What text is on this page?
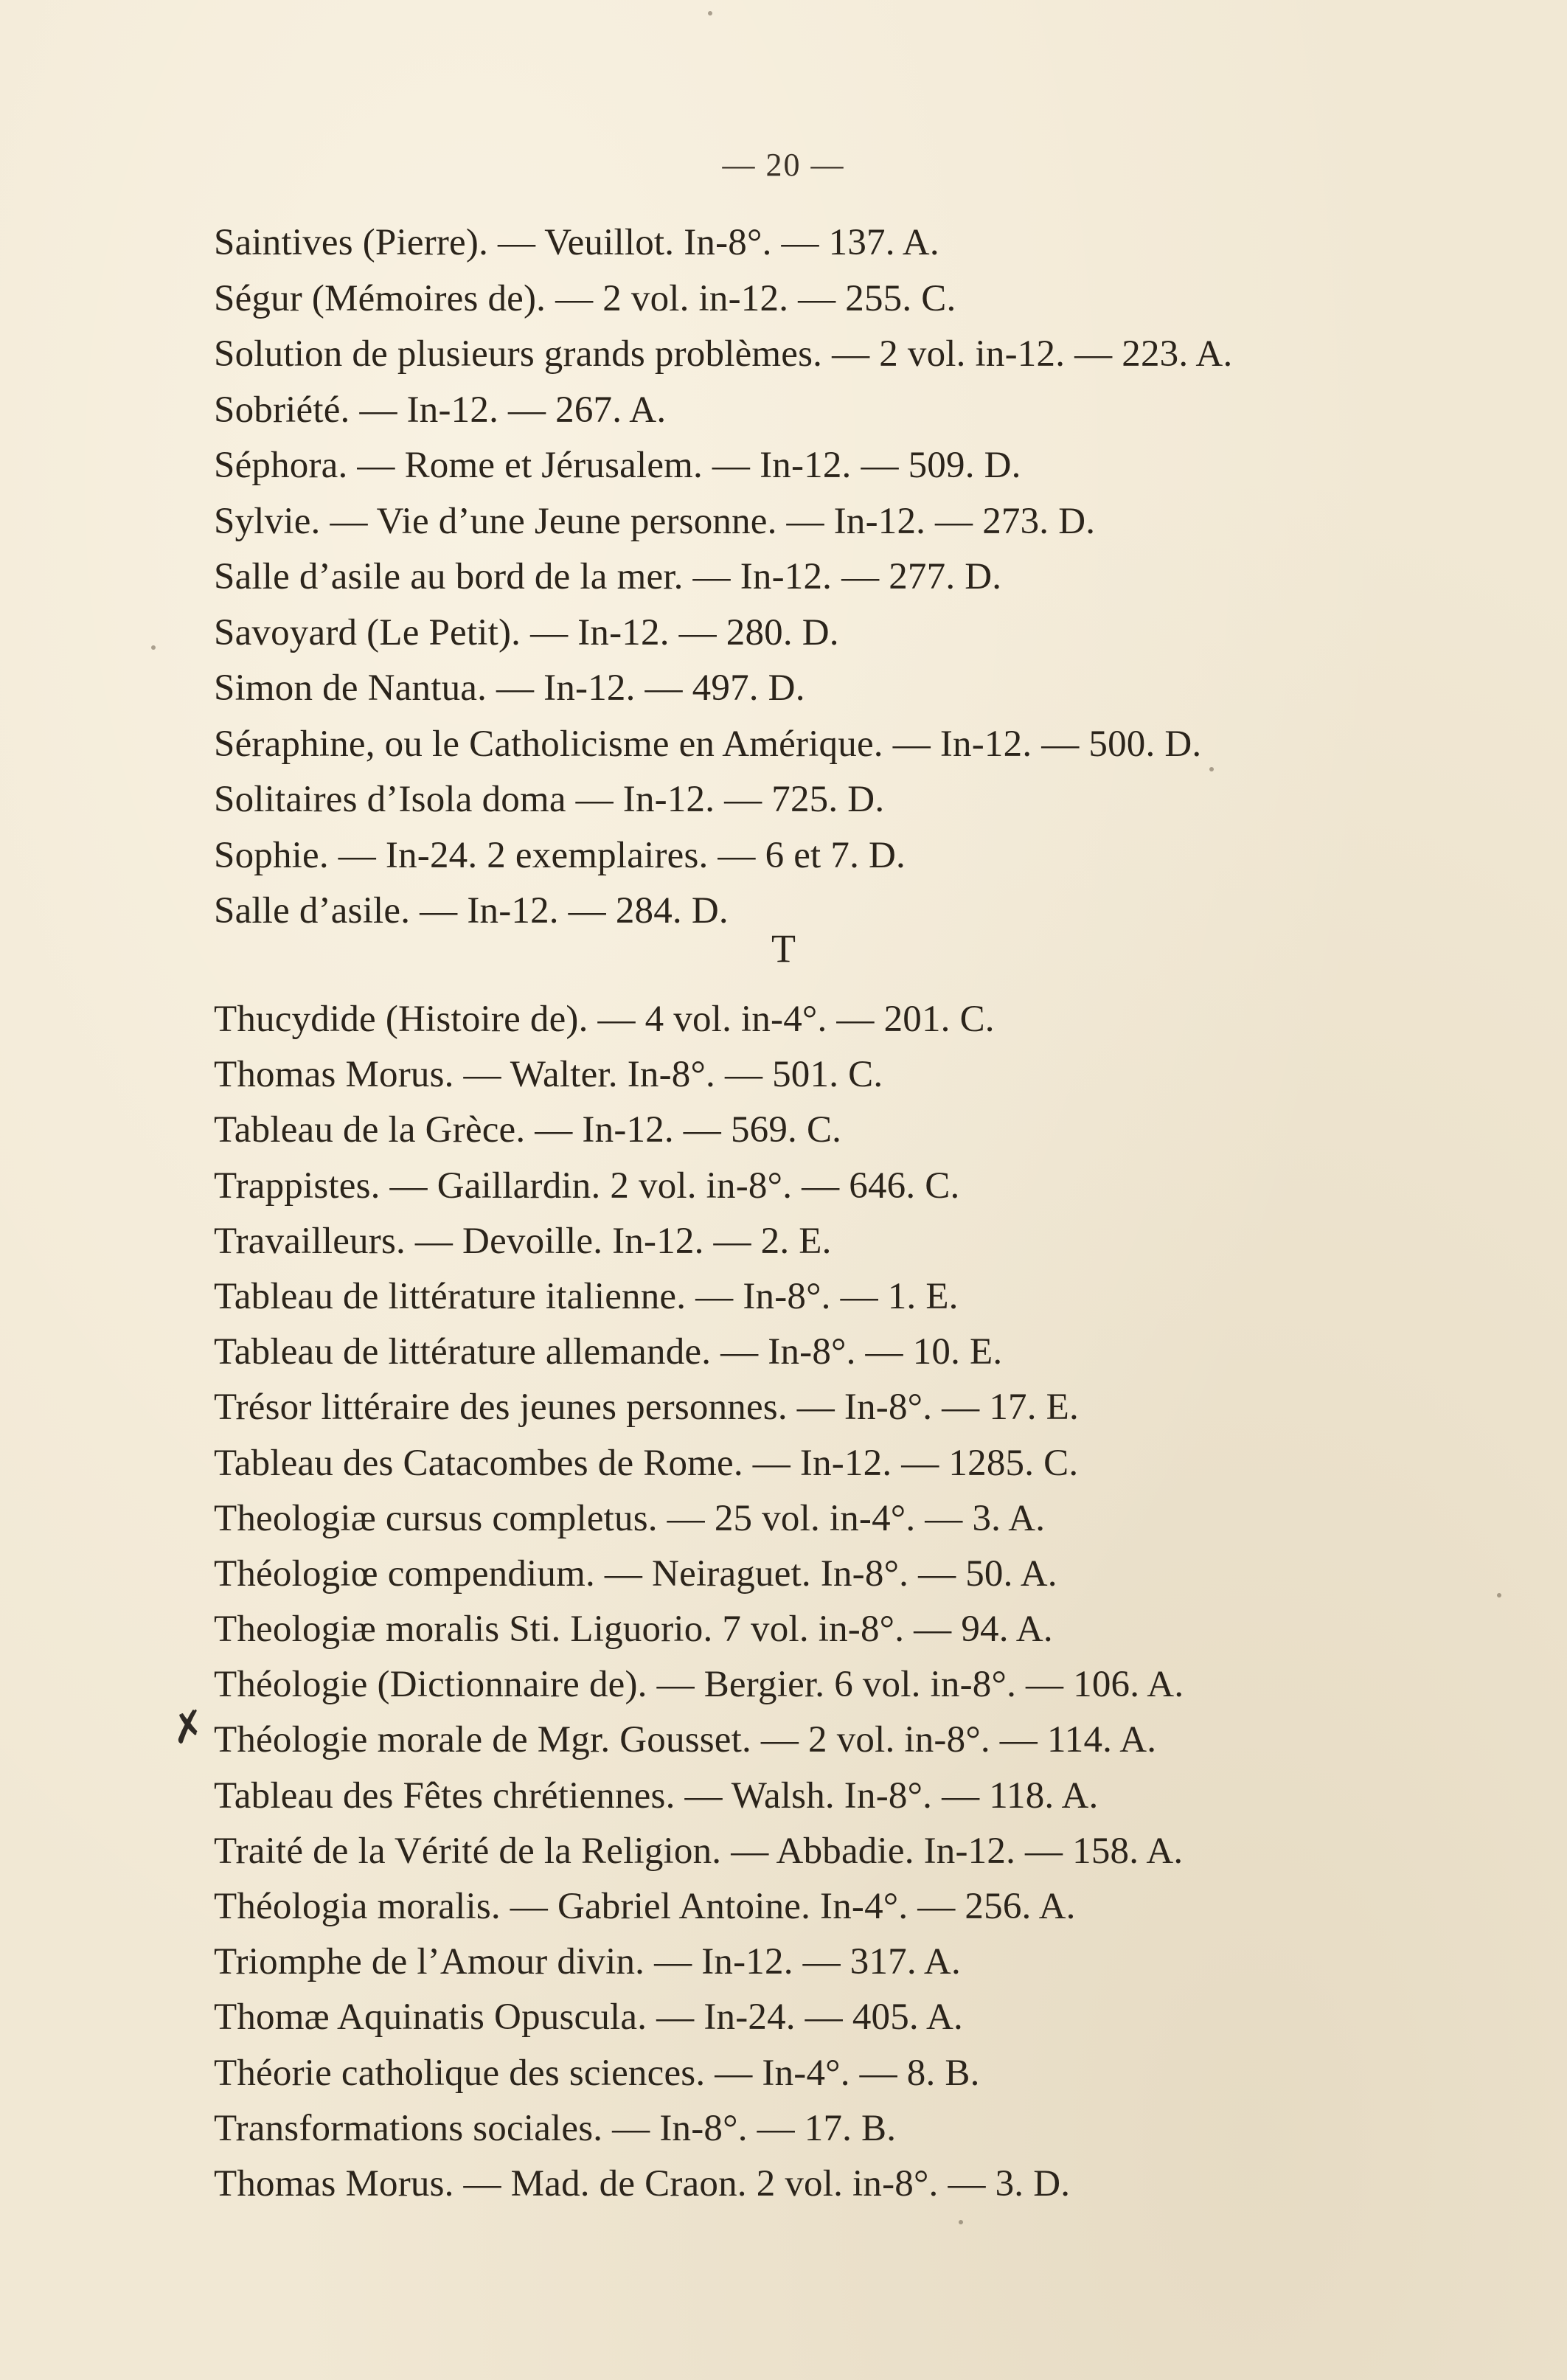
— 20 —
Saintives (Pierre). — Veuillot. In-8°. — 137. A.
Ségur (Mémoires de). — 2 vol. in-12. — 255. C.
Solution de plusieurs grands problèmes. — 2 vol. in-12. — 223. A.
Sobriété. — In-12. — 267. A.
Séphora. — Rome et Jérusalem. — In-12. — 509. D.
Sylvie. — Vie d’une Jeune personne. — In-12. — 273. D.
Salle d’asile au bord de la mer. — In-12. — 277. D.
Savoyard (Le Petit). — In-12. — 280. D.
Simon de Nantua. — In-12. — 497. D.
Séraphine, ou le Catholicisme en Amérique. — In-12. — 500. D.
Solitaires d’Isola doma — In-12. — 725. D.
Sophie. — In-24. 2 exemplaires. — 6 et 7. D.
Salle d’asile. — In-12. — 284. D.
T
Thucydide (Histoire de). — 4 vol. in-4°. — 201. C.
Thomas Morus. — Walter. In-8°. — 501. C.
Tableau de la Grèce. — In-12. — 569. C.
Trappistes. — Gaillardin. 2 vol. in-8°. — 646. C.
Travailleurs. — Devoille. In-12. — 2. E.
Tableau de littérature italienne. — In-8°. — 1. E.
Tableau de littérature allemande. — In-8°. — 10. E.
Trésor littéraire des jeunes personnes. — In-8°. — 17. E.
Tableau des Catacombes de Rome. — In-12. — 1285. C.
Theologiæ cursus completus. — 25 vol. in-4°. — 3. A.
Théologiœ compendium. — Neiraguet. In-8°. — 50. A.
Theologiæ moralis Sti. Liguorio. 7 vol. in-8°. — 94. A.
Théologie (Dictionnaire de). — Bergier. 6 vol. in-8°. — 106. A.
Théologie morale de Mgr. Gousset. — 2 vol. in-8°. — 114. A.
Tableau des Fêtes chrétiennes. — Walsh. In-8°. — 118. A.
Traité de la Vérité de la Religion. — Abbadie. In-12. — 158. A.
Théologia moralis. — Gabriel Antoine. In-4°. — 256. A.
Triomphe de l’Amour divin. — In-12. — 317. A.
Thomæ Aquinatis Opuscula. — In-24. — 405. A.
Théorie catholique des sciences. — In-4°. — 8. B.
Transformations sociales. — In-8°. — 17. B.
Thomas Morus. — Mad. de Craon. 2 vol. in-8°. — 3. D.
✗
